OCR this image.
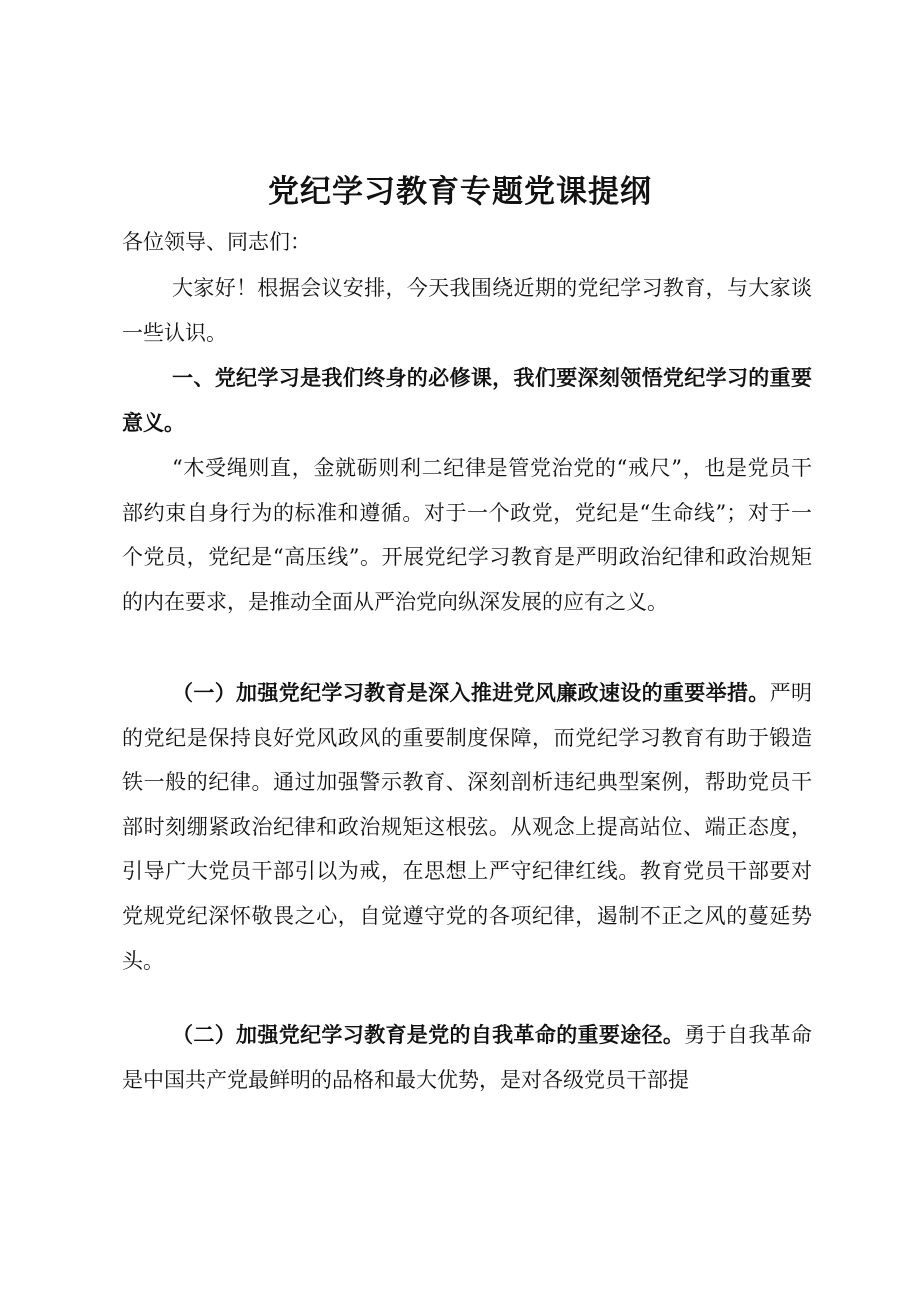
党纪学习教育专题党课提纲
各位领导、同志们：
大家好！根据会议安排，今天我围绕近期的党纪学习教育，与大家谈一些认识。
一、党纪学习是我们终身的必修课，我们要深刻领悟党纪学习的重要意义。
“木受绳则直，金就砺则利二纪律是管党治党的“戒尺”，也是党员干部约束自身行为的标准和遵循。对于一个政党，党纪是“生命线”；对于一个党员，党纪是“高压线”。开展党纪学习教育是严明政治纪律和政治规矩的内在要求，是推动全面从严治党向纵深发展的应有之义。
（一）加强党纪学习教育是深入推进党风廉政速设的重要举措。严明的党纪是保持良好党风政风的重要制度保障，而党纪学习教育有助于锻造铁一般的纪律。通过加强警示教育、深刻剖析违纪典型案例，帮助党员干部时刻绷紧政治纪律和政治规矩这根弦。从观念上提高站位、端正态度，引导广大党员干部引以为戒，在思想上严守纪律红线。教育党员干部要对党规党纪深怀敬畏之心，自觉遵守党的各项纪律，遏制不正之风的蔓延势头。
（二）加强党纪学习教育是党的自我革命的重要途径。勇于自我革命是中国共产党最鲜明的品格和最大优势，是对各级党员干部提
